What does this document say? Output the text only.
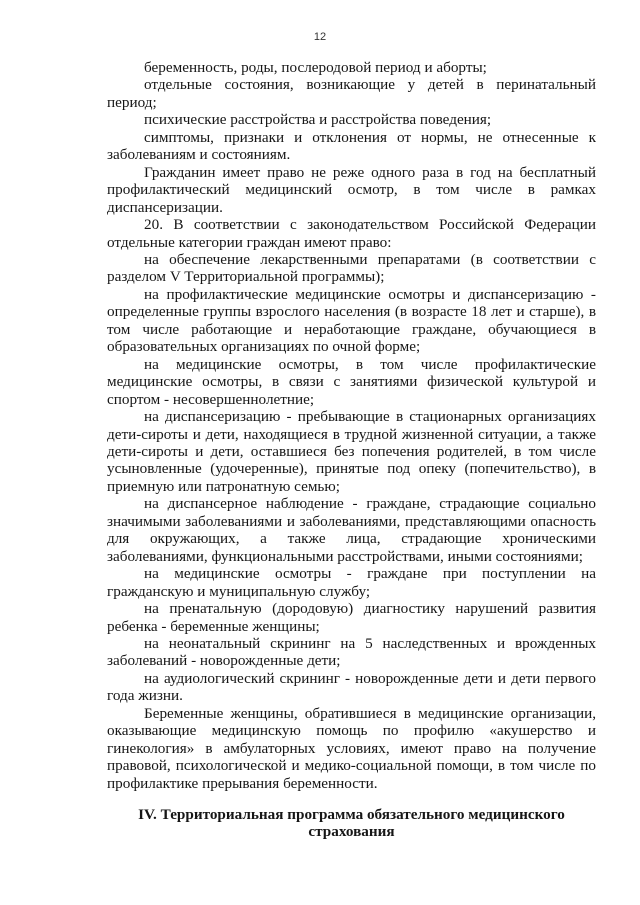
12

беременность, роды, послеродовой период и аборты;

отдельные состояния, возникающие у детей в перинатальный период;

психические расстройства и расстройства поведения;

симптомы, признаки и отклонения от нормы, не отнесенные к заболеваниям и состояниям.

Гражданин имеет право не реже одного раза в год на бесплатный профилактический медицинский осмотр, в том числе в рамках диспансеризации.

20. В соответствии с законодательством Российской Федерации отдельные категории граждан имеют право:

на обеспечение лекарственными препаратами (в соответствии с разделом V Территориальной программы);

на профилактические медицинские осмотры и диспансеризацию - определенные группы взрослого населения (в возрасте 18 лет и старше), в том числе работающие и неработающие граждане, обучающиеся в образовательных организациях по очной форме;

на медицинские осмотры, в том числе профилактические медицинские осмотры, в связи с занятиями физической культурой и спортом - несовершеннолетние;

на диспансеризацию - пребывающие в стационарных организациях дети-сироты и дети, находящиеся в трудной жизненной ситуации, а также дети-сироты и дети, оставшиеся без попечения родителей, в том числе усыновленные (удочеренные), принятые под опеку (попечительство), в приемную или патронатную семью;

на диспансерное наблюдение - граждане, страдающие социально значимыми заболеваниями и заболеваниями, представляющими опасность для окружающих, а также лица, страдающие хроническими заболеваниями, функциональными расстройствами, иными состояниями;

на медицинские осмотры - граждане при поступлении на гражданскую и муниципальную службу;

на пренатальную (дородовую) диагностику нарушений развития ребенка - беременные женщины;

на неонатальный скрининг на 5 наследственных и врожденных заболеваний - новорожденные дети;

на аудиологический скрининг - новорожденные дети и дети первого года жизни.

Беременные женщины, обратившиеся в медицинские организации, оказывающие медицинскую помощь по профилю «акушерство и гинекология» в амбулаторных условиях, имеют право на получение правовой, психологической и медико-социальной помощи, в том числе по профилактике прерывания беременности.

IV. Территориальная программа обязательного медицинского
страхования
